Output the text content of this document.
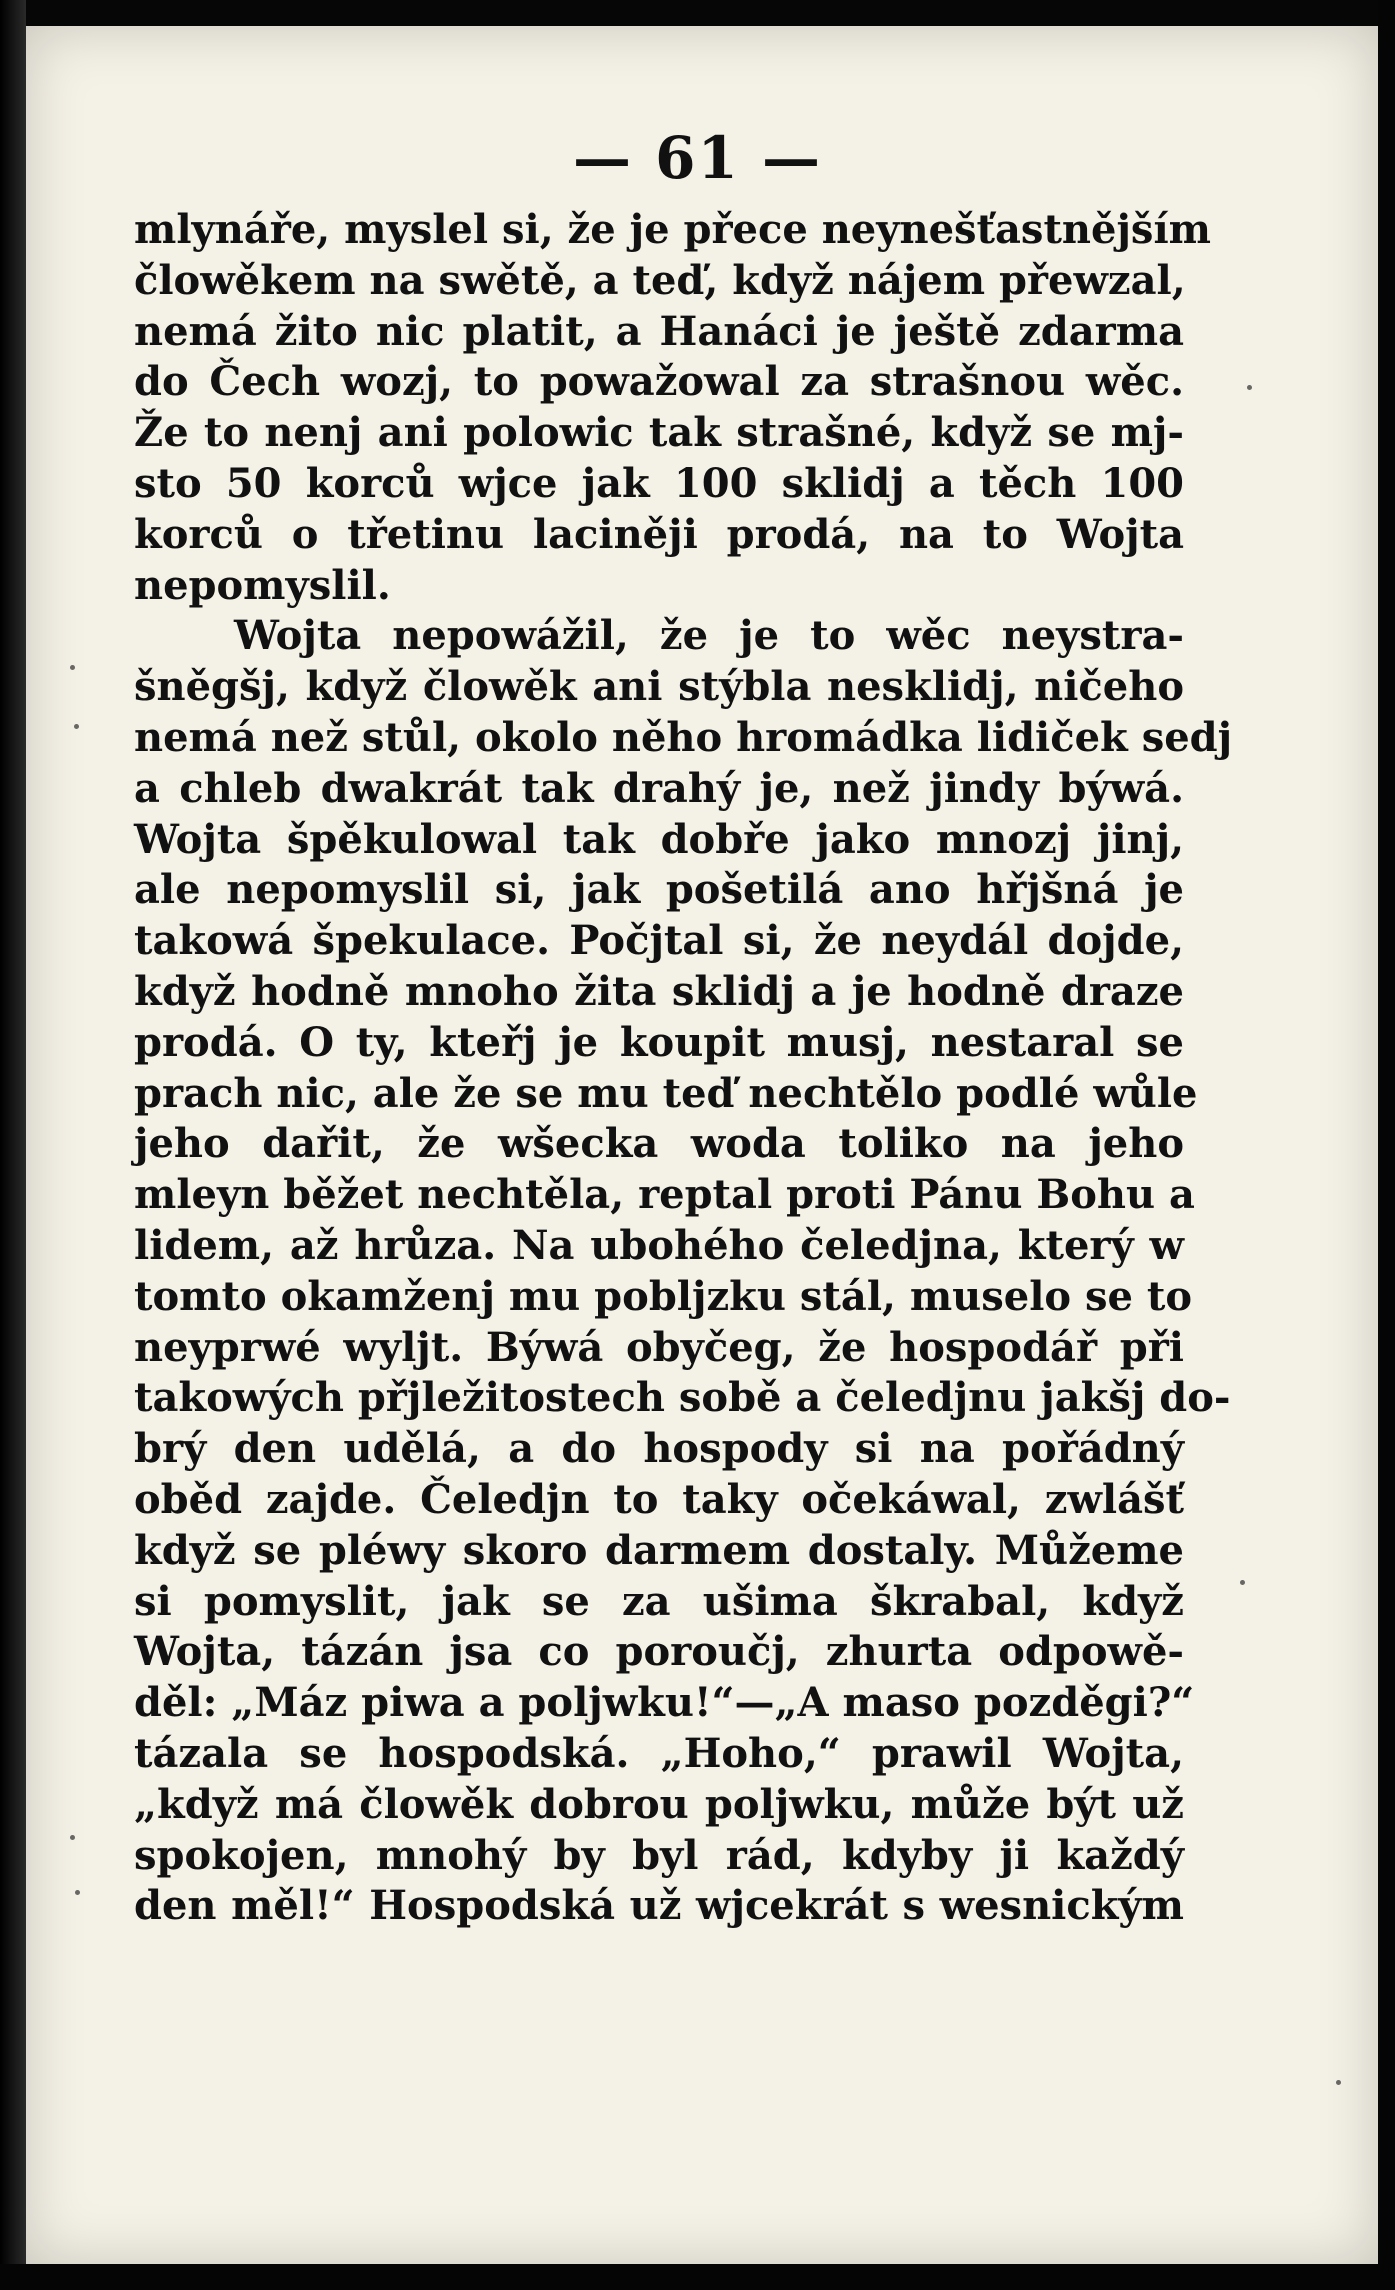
— 61 —
mlynáře, myslel si, že je přece neynešťastnějším
člowěkem na swětě, a teď, když nájem přewzal,
nemá žito nic platit, a Hanáci je ještě zdarma
do Čech wozj, to powažowal za strašnou wěc.
Že to nenj ani polowic tak strašné, když se mj-
sto 50 korců wjce jak 100 sklidj a těch 100
korců o třetinu laciněji prodá, na to Wojta
nepomyslil.
Wojta nepowážil, že je to wěc neystra-
šněgšj, když člowěk ani stýbla nesklidj, ničeho
nemá než stůl, okolo něho hromádka lidiček sedj
a chleb dwakrát tak drahý je, než jindy býwá.
Wojta špěkulowal tak dobře jako mnozj jinj,
ale nepomyslil si, jak pošetilá ano hřjšná je
takowá špekulace. Počjtal si, že neydál dojde,
když hodně mnoho žita sklidj a je hodně draze
prodá. O ty, kteřj je koupit musj, nestaral se
prach nic, ale že se mu teď nechtělo podlé wůle
jeho dařit, že wšecka woda toliko na jeho
mleyn běžet nechtěla, reptal proti Pánu Bohu a
lidem, až hrůza. Na ubohého čeledjna, který w
tomto okamženj mu pobljzku stál, muselo se to
neyprwé wyljt. Býwá obyčeg, že hospodář při
takowých přjležitostech sobě a čeledjnu jakšj do-
brý den udělá, a do hospody si na pořádný
oběd zajde. Čeledjn to taky očekáwal, zwlášť
když se pléwy skoro darmem dostaly. Můžeme
si pomyslit, jak se za ušima škrabal, když
Wojta, tázán jsa co poroučj, zhurta odpowě-
děl: „Máz piwa a poljwku!“—„A maso pozděgi?“
tázala se hospodská. „Hoho,“ prawil Wojta,
„když má člowěk dobrou poljwku, může být už
spokojen, mnohý by byl rád, kdyby ji každý
den měl!“ Hospodská už wjcekrát s wesnickým
